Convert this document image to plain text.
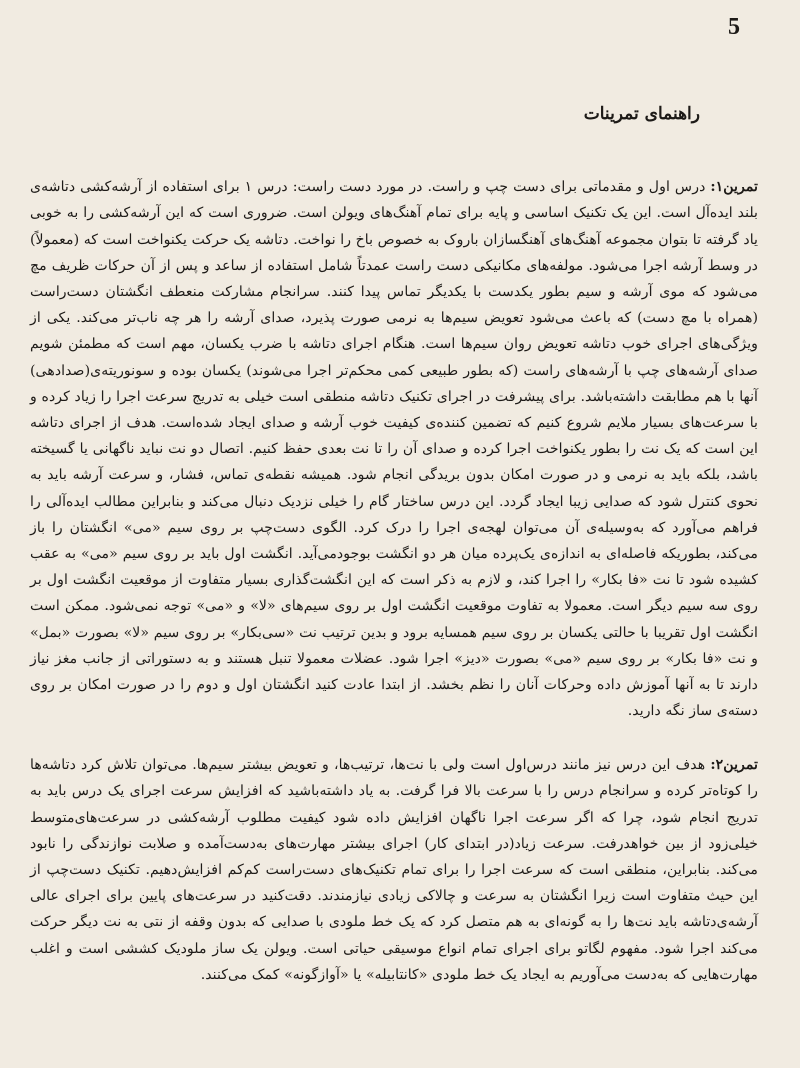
5
راهنمای تمرینات

تمرین۱: درس اول و مقدماتی برای دست چپ و راست. در مورد دست راست: درس ۱ برای استفاده از آرشه‌کشی دتاشه‌ی بلند ایده‌آل است. این یک تکنیک اساسی و پایه برای تمام آهنگ‌های ویولن است. ضروری است که این آرشه‌کشی را به خوبی یاد گرفته تا بتوان مجموعه آهنگ‌های آهنگسازان باروک به خصوص باخ را نواخت. دتاشه یک حرکت یکنواخت است که (معمولاً) در وسط آرشه اجرا می‌شود. مولفه‌های مکانیکی دست راست عمدتاً شامل استفاده از ساعد و پس از آن حرکات ظریف مچ می‌شود که موی آرشه و سیم بطور یکدست با یکدیگر تماس پیدا کنند. سرانجام مشارکت منعطف انگشتان دست‌راست (همراه با مچ دست) که باعث می‌شود تعویض سیم‌ها به نرمی صورت پذیرد، صدای آرشه را هر چه ناب‌تر می‌کند. یکی از ویژگی‌های اجرای خوب دتاشه تعویض روان سیم‌ها است. هنگام اجرای دتاشه با ضرب یکسان، مهم است که مطمئن شویم صدای آرشه‌های چپ با آرشه‌های راست (که بطور طبیعی کمی محکم‌تر اجرا می‌شوند) یکسان بوده و سونوریته‌ی(صدادهی) آنها با هم مطابقت داشته‌باشد. برای پیشرفت در اجرای تکنیک دتاشه منطقی است خیلی به تدریج سرعت اجرا را زیاد کرده و با سرعت‌های بسیار ملایم شروع کنیم که تضمین کننده‌ی کیفیت خوب آرشه و صدای ایجاد شده‌است. هدف از اجرای دتاشه این است که یک نت را بطور یکنواخت اجرا کرده و صدای آن را تا نت بعدی حفظ کنیم. اتصال دو نت نباید ناگهانی یا گسیخته باشد، بلکه باید به نرمی و در صورت امکان بدون بریدگی انجام شود. همیشه نقطه‌ی تماس، فشار، و سرعت آرشه باید به نحوی کنترل شود که صدایی زیبا ایجاد گردد. این درس ساختار گام را خیلی نزدیک دنبال می‌کند و بنابراین مطالب ایده‌آلی را فراهم می‌آورد که به‌وسیله‌ی آن می‌توان لهجه‌ی اجرا را درک کرد. الگوی دست‌چپ بر روی سیم «می» انگشتان را باز می‌کند، بطوریکه فاصله‌ای به اندازه‌ی یک‌پرده میان هر دو انگشت بوجودمی‌آید. انگشت اول باید بر روی سیم «می» به عقب کشیده شود تا نت «فا بکار» را اجرا کند، و لازم به ذکر است که این انگشت‌گذاری بسیار متفاوت از موقعیت انگشت اول بر روی سه سیم دیگر است. معمولا به تفاوت موقعیت انگشت اول بر روی سیم‌های «لا» و «می» توجه نمی‌شود. ممکن است انگشت اول تقریبا با حالتی یکسان بر روی سیم همسایه برود و بدین ترتیب نت «سی‌بکار» بر روی سیم «لا» بصورت «بمل» و نت «فا بکار» بر روی سیم «می» بصورت «دیز» اجرا شود. عضلات معمولا تنبل هستند و به دستوراتی از جانب مغز نیاز دارند تا به آنها آموزش داده وحرکات آنان را نظم بخشد. از ابتدا عادت کنید انگشتان اول و دوم را در صورت امکان بر روی دسته‌ی ساز نگه دارید.

تمرین۲: هدف این درس نیز مانند درس‌اول است ولی با نت‌ها، ترتیب‌ها، و تعویض بیشتر سیم‌ها. می‌توان تلاش کرد دتاشه‌ها را کوتاه‌تر کرده و سرانجام درس را با سرعت بالا فرا گرفت. به یاد داشته‌باشید که افزایش سرعت اجرای یک درس باید به تدریج انجام شود، چرا که اگر سرعت اجرا ناگهان افزایش داده شود کیفیت مطلوب آرشه‌کشی در سرعت‌های‌متوسط خیلی‌زود از بین خواهدرفت. سرعت زیاد(در ابتدای کار) اجرای بیشتر مهارت‌های به‌دست‌آمده و صلابت نوازندگی را نابود می‌کند. بنابراین، منطقی است که سرعت اجرا را برای تمام تکنیک‌های دست‌راست کم‌کم افزایش‌دهیم. تکنیک دست‌چپ از این حیث متفاوت است زیرا انگشتان به سرعت و چالاکی زیادی نیازمندند. دقت‌کنید در سرعت‌های پایین برای اجرای عالی آرشه‌ی‌دتاشه باید نت‌ها را به گونه‌ای به هم متصل کرد که یک خط ملودی با صدایی که بدون وقفه از نتی به نت دیگر حرکت می‌کند اجرا شود. مفهوم لگاتو برای اجرای تمام انواع موسیقی حیاتی است. ویولن یک ساز ملودیک کششی است و اغلب مهارت‌هایی که به‌دست می‌آوریم به ایجاد یک خط ملودی «کانتابیله» یا «آوازگونه» کمک می‌کنند.
